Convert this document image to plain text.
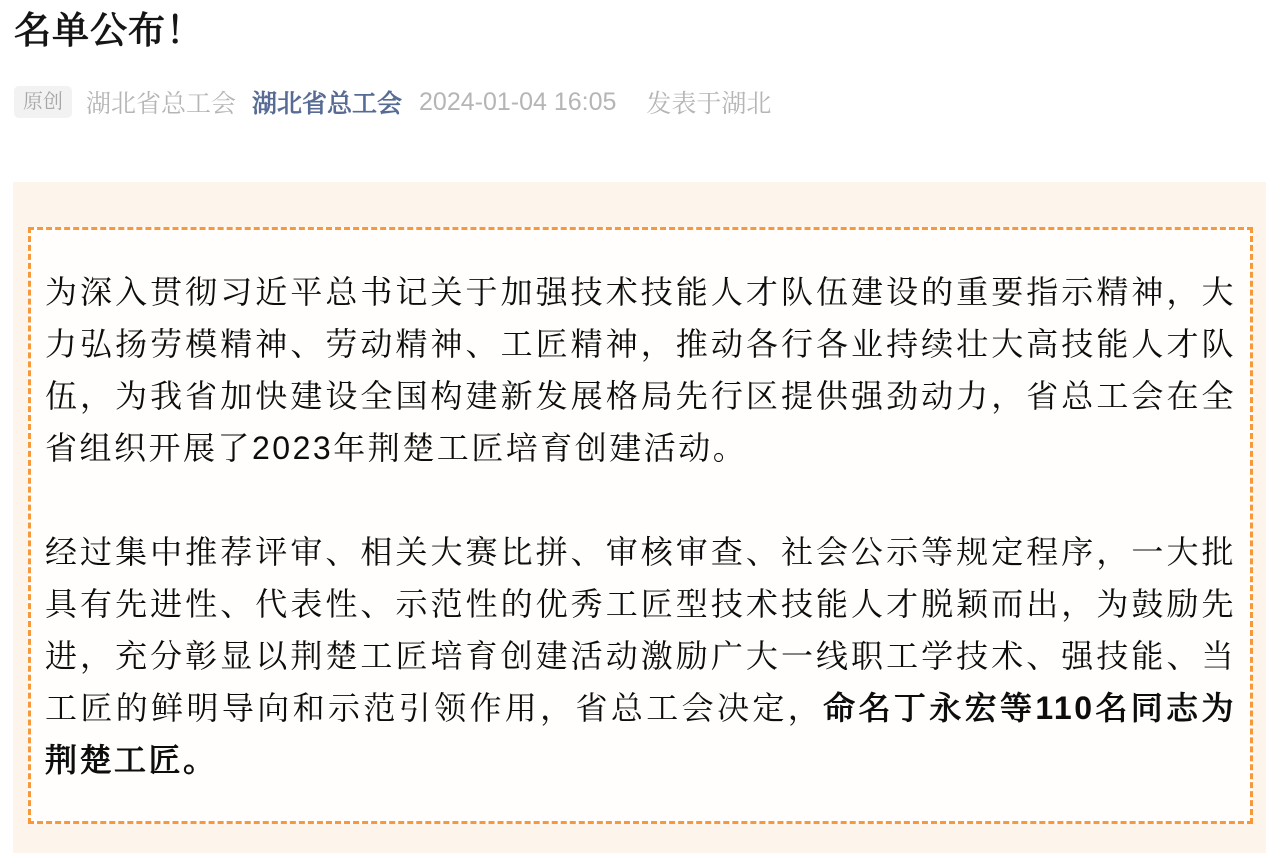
名单公布！
原创 湖北省总工会 湖北省总工会 2024-01-04 16:05 发表于湖北

为深入贯彻习近平总书记关于加强技术技能人才队伍建设的重要指示精神，大力弘扬劳模精神、劳动精神、工匠精神，推动各行各业持续壮大高技能人才队伍，为我省加快建设全国构建新发展格局先行区提供强劲动力，省总工会在全省组织开展了2023年荆楚工匠培育创建活动。

经过集中推荐评审、相关大赛比拼、审核审查、社会公示等规定程序，一大批具有先进性、代表性、示范性的优秀工匠型技术技能人才脱颖而出，为鼓励先进，充分彰显以荆楚工匠培育创建活动激励广大一线职工学技术、强技能、当工匠的鲜明导向和示范引领作用，省总工会决定，命名丁永宏等110名同志为荆楚工匠。
